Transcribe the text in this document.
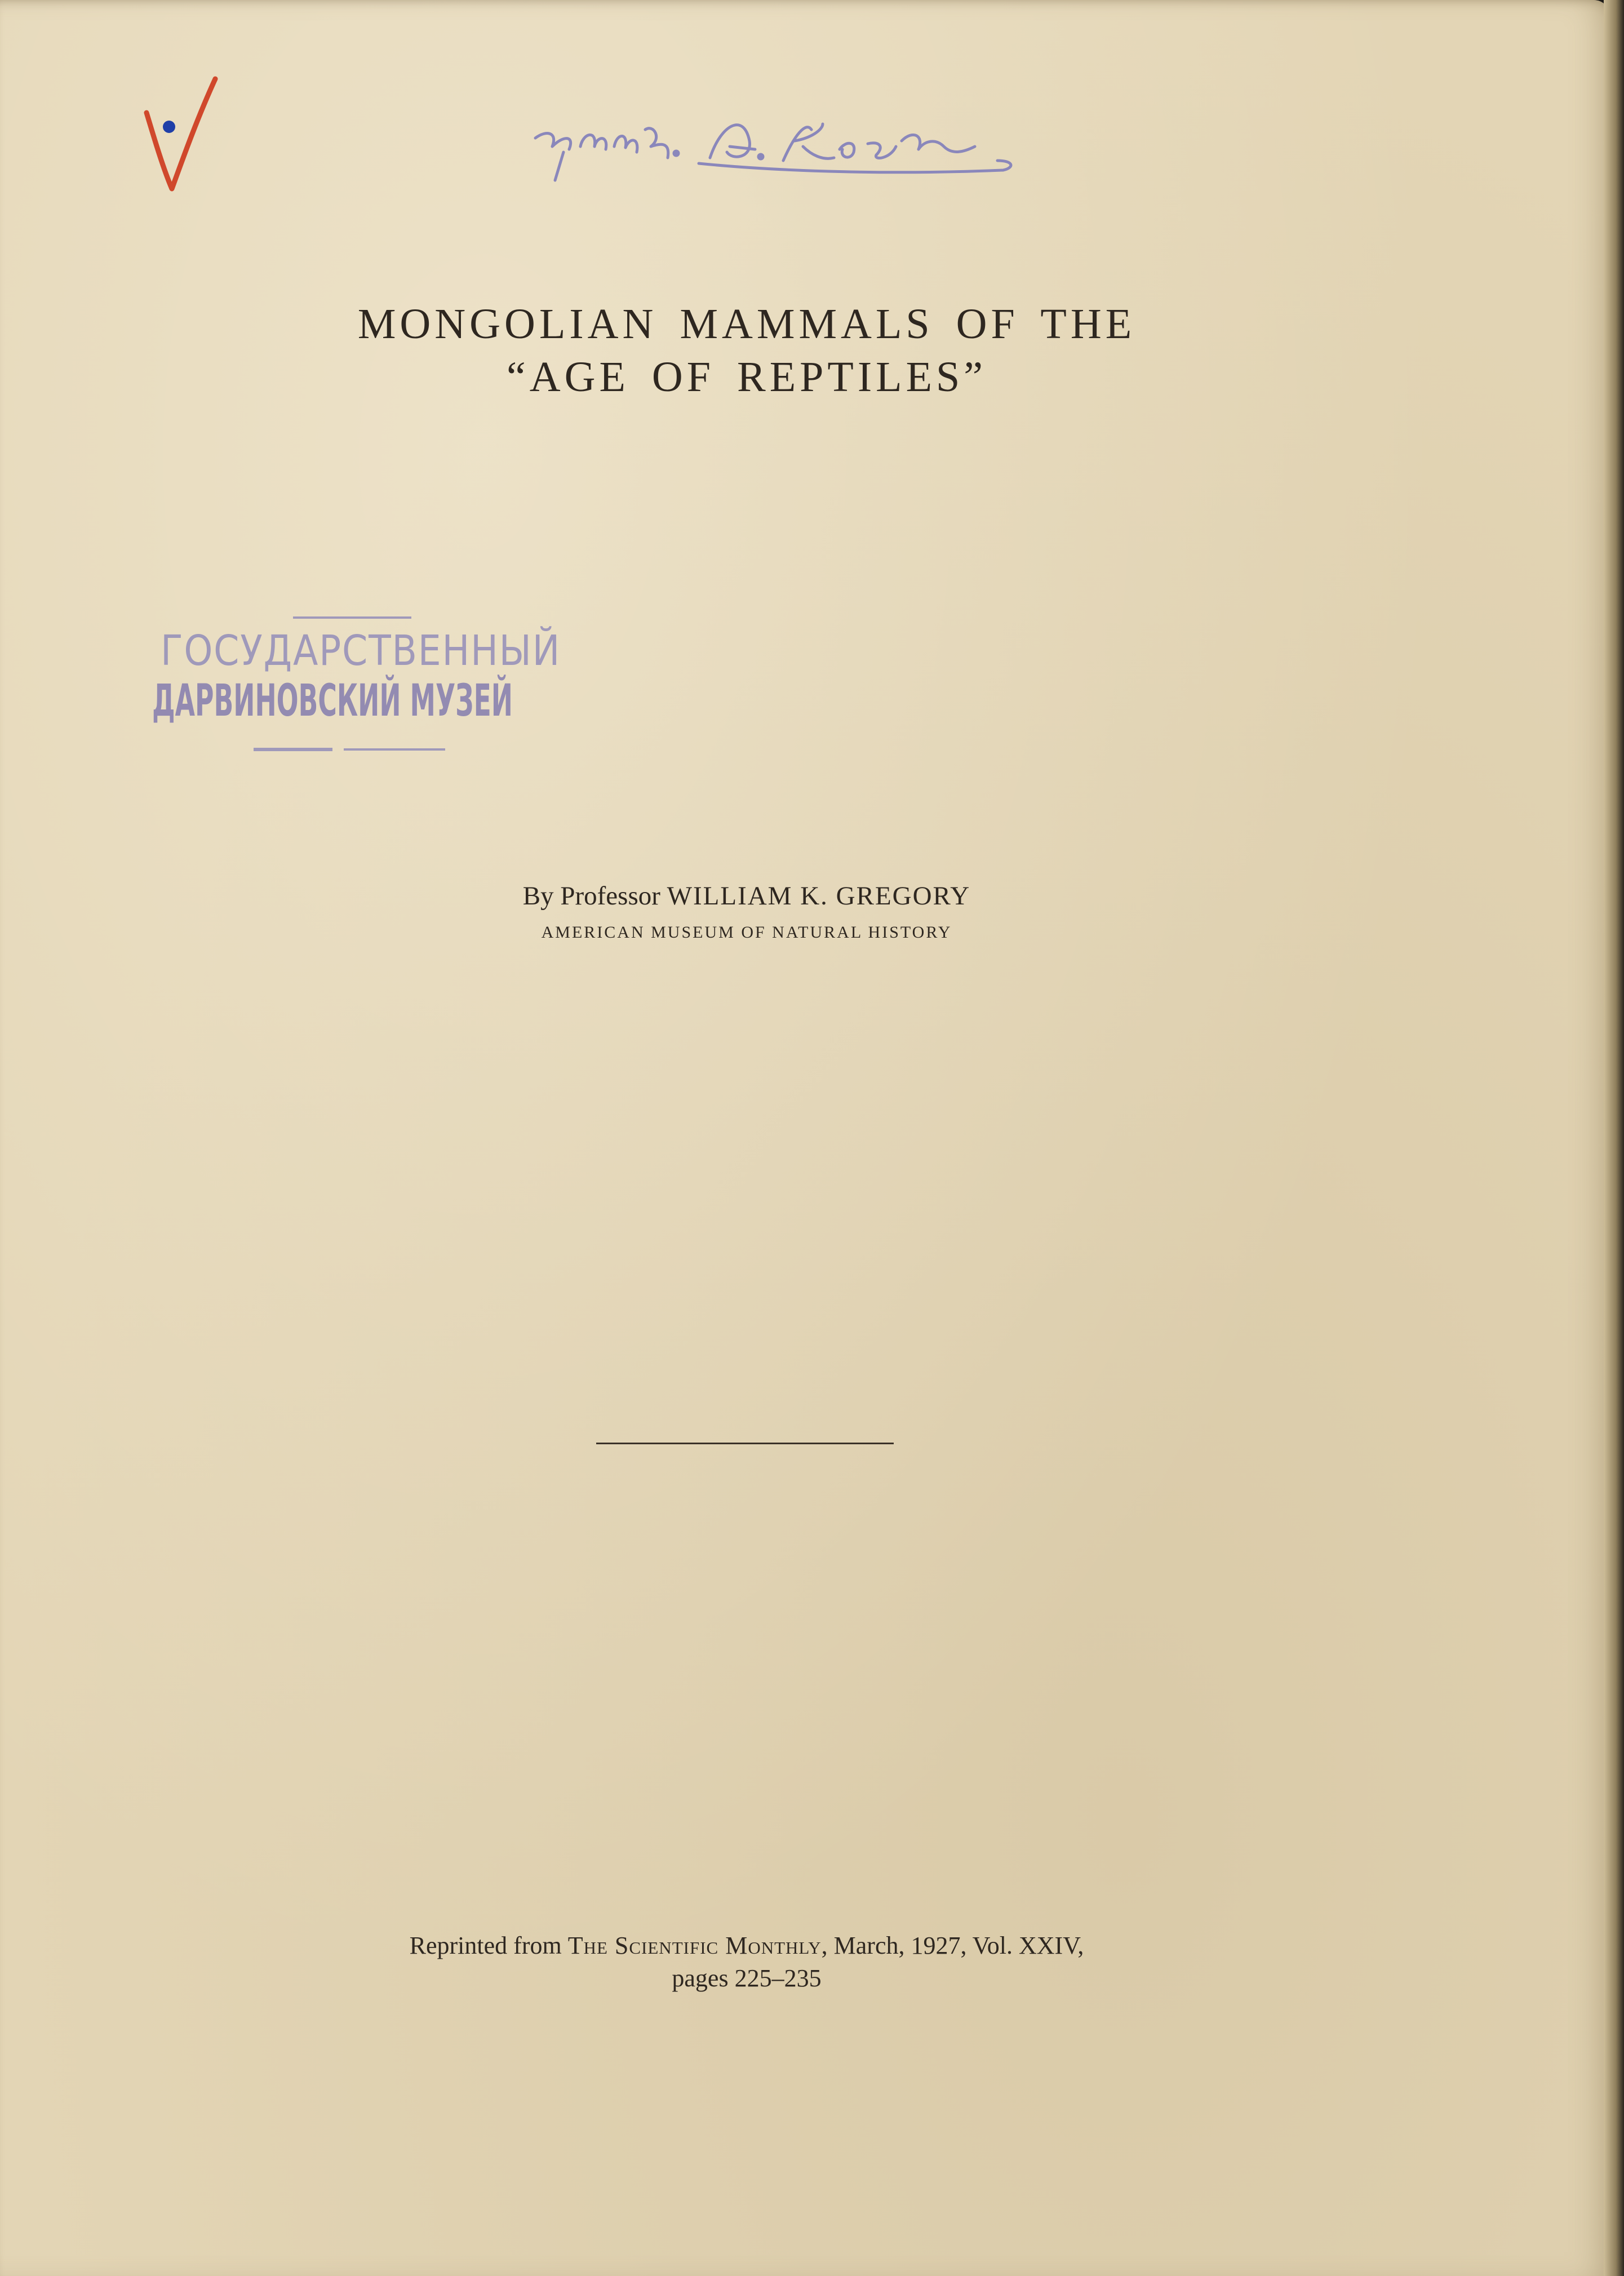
ГОСУДАРСТВЕННЫЙ
ДАРВИНОВСКИЙ МУЗЕЙ
MONGOLIAN MAMMALS OF THE
“AGE OF REPTILES”
By Professor WILLIAM K. GREGORY
AMERICAN MUSEUM OF NATURAL HISTORY
Reprinted from The Scientific Monthly, March, 1927, Vol. XXIV,
pages 225–235
